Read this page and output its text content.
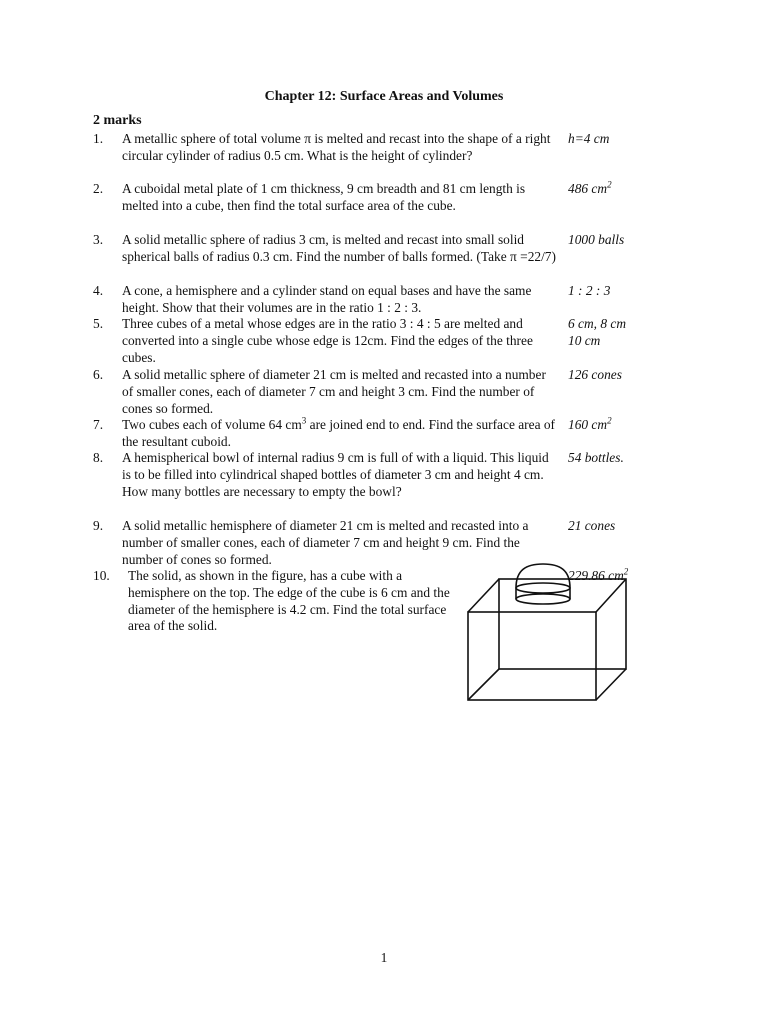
Chapter 12: Surface Areas and Volumes
2 marks
1. A metallic sphere of total volume π is melted and recast into the shape of a right circular cylinder of radius 0.5 cm. What is the height of cylinder?
h=4 cm
2. A cuboidal metal plate of 1 cm thickness, 9 cm breadth and 81 cm length is melted into a cube, then find the total surface area of the cube.
486 $cm^2$
3. A solid metallic sphere of radius 3 cm, is melted and recast into small solid spherical balls of radius 0.3 cm. Find the number of balls formed. (Take π =22/7)
1000 balls
4. A cone, a hemisphere and a cylinder stand on equal bases and have the same height. Show that their volumes are in the ratio 1 : 2 : 3.
1 : 2 : 3
5. Three cubes of a metal whose edges are in the ratio 3 : 4 : 5 are melted and converted into a single cube whose edge is 12cm. Find the edges of the three cubes.
6 cm, 8 cm
10 cm
6. A solid metallic sphere of diameter 21 cm is melted and recasted into a number of smaller cones, each of diameter 7 cm and height 3 cm. Find the number of cones so formed.
126 cones
7. Two cubes each of volume 64 $cm^3$ are joined end to end. Find the surface area of the resultant cuboid.
160 $cm^2$
8. A hemispherical bowl of internal radius 9 cm is full of with a liquid. This liquid is to be filled into cylindrical shaped bottles of diameter 3 cm and height 4 cm. How many bottles are necessary to empty the bowl?
54 bottles.
9. A solid metallic hemisphere of diameter 21 cm is melted and recasted into a number of smaller cones, each of diameter 7 cm and height 9 cm. Find the number of cones so formed.
21 cones
10. The solid, as shown in the figure, has a cube with a hemisphere on the top. The edge of the cube is 6 cm and the diameter of the hemisphere is 4.2 cm. Find the total surface area of the solid.
229.86 $cm^2$
1
